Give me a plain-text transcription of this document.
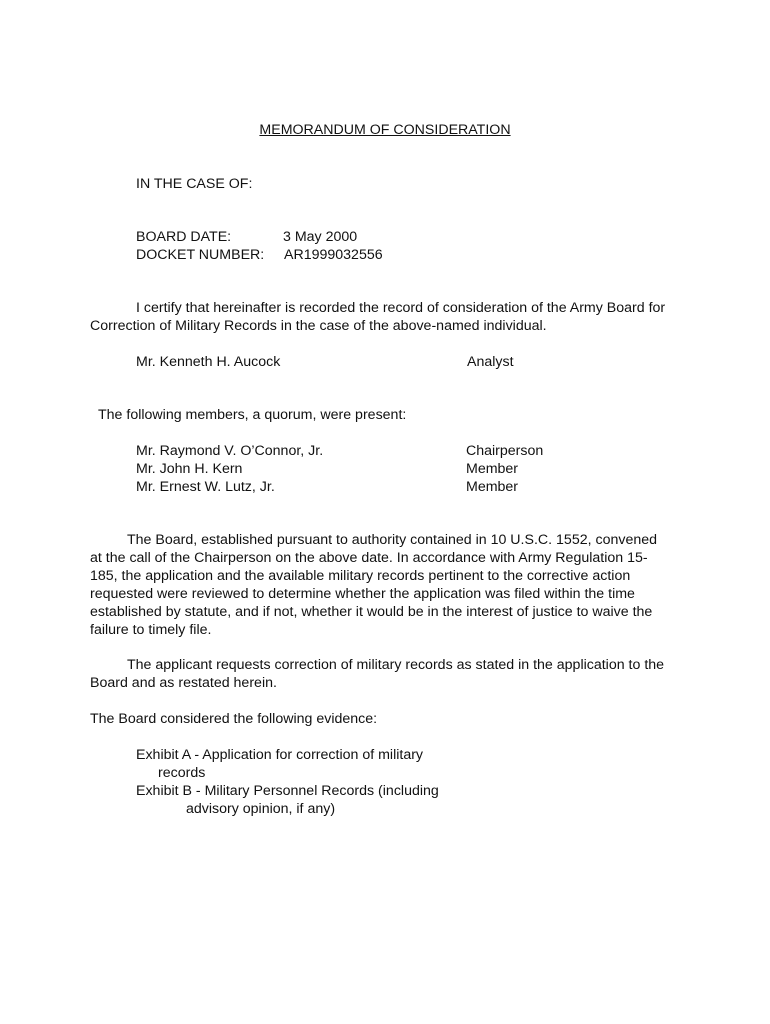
MEMORANDUM OF CONSIDERATION
IN THE CASE OF:
BOARD DATE:	3 May 2000
DOCKET NUMBER: AR1999032556
I certify that hereinafter is recorded the record of consideration of the Army Board for Correction of Military Records in the case of the above-named individual.
Mr. Kenneth H. Aucock	Analyst
The following members, a quorum, were present:
Mr. Raymond V. O’Connor, Jr.	Chairperson
Mr. John H. Kern	Member
Mr. Ernest W. Lutz, Jr.	Member
The Board, established pursuant to authority contained in 10 U.S.C. 1552, convened at the call of the Chairperson on the above date. In accordance with Army Regulation 15-185, the application and the available military records pertinent to the corrective action requested were reviewed to determine whether the application was filed within the time established by statute, and if not, whether it would be in the interest of justice to waive the failure to timely file.
The applicant requests correction of military records as stated in the application to the Board and as restated herein.
The Board considered the following evidence:
Exhibit A - Application for correction of military
records
Exhibit B - Military Personnel Records (including
advisory opinion, if any)
